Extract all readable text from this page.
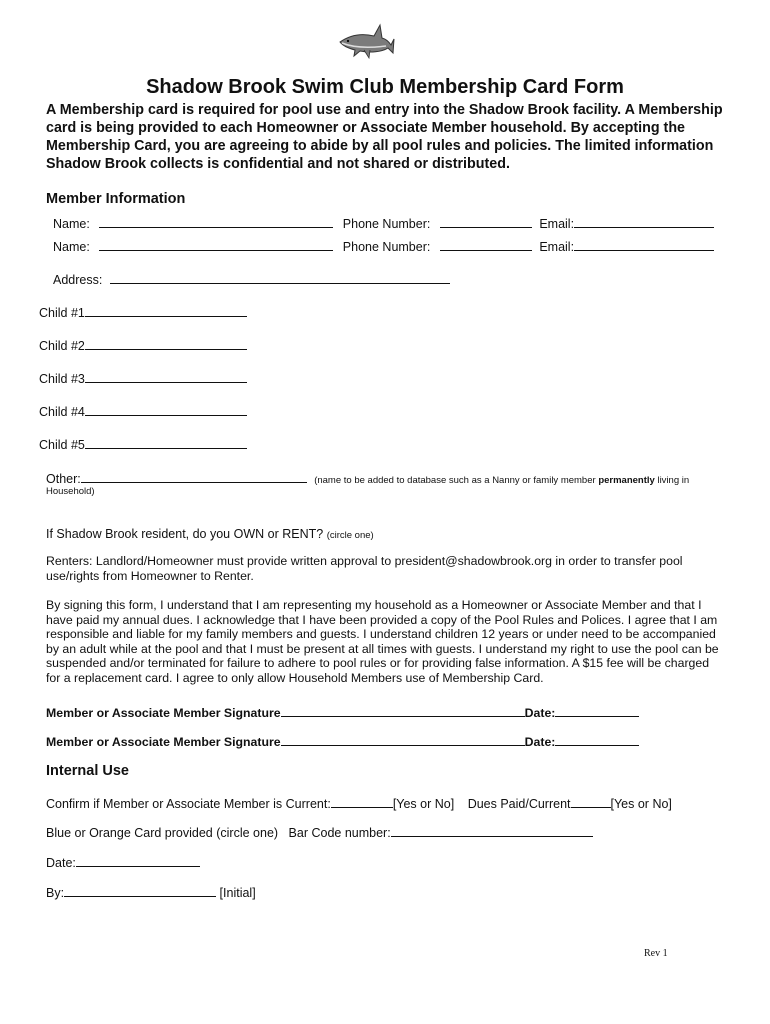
Shadow Brook Swim Club Membership Card Form
A Membership card is required for pool use and entry into the Shadow Brook facility. A Membership card is being provided to each Homeowner or Associate Member household. By accepting the Membership Card, you are agreeing to abide by all pool rules and policies. The limited information Shadow Brook collects is confidential and not shared or distributed.
Member Information
Name:	Phone Number:	Email:
Name:	Phone Number:	Email:
Address:
Child #1
Child #2
Child #3
Child #4
Child #5
Other:	(name to be added to database such as a Nanny or family member permanently living in
Household)
If Shadow Brook resident, do you OWN or RENT? (circle one)
Renters: Landlord/Homeowner must provide written approval to president@shadowbrook.org in order to transfer pool use/rights from Homeowner to Renter.
By signing this form, I understand that I am representing my household as a Homeowner or Associate Member and that I have paid my annual dues. I acknowledge that I have been provided a copy of the Pool Rules and Polices. I agree that I am responsible and liable for my family members and guests. I understand children 12 years or under need to be accompanied by an adult while at the pool and that I must be present at all times with guests. I understand my right to use the pool can be suspended and/or terminated for failure to adhere to pool rules or for providing false information. A $15 fee will be charged for a replacement card. I agree to only allow Household Members use of Membership Card.
Member or Associate Member Signature	Date:
Member or Associate Member Signature	Date:
Internal Use
Confirm if Member or Associate Member is Current:	[Yes or No] Dues Paid/Current	[Yes or No]
Blue or Orange Card provided (circle one) Bar Code number:
Date:
By:	[Initial]
Rev 1
